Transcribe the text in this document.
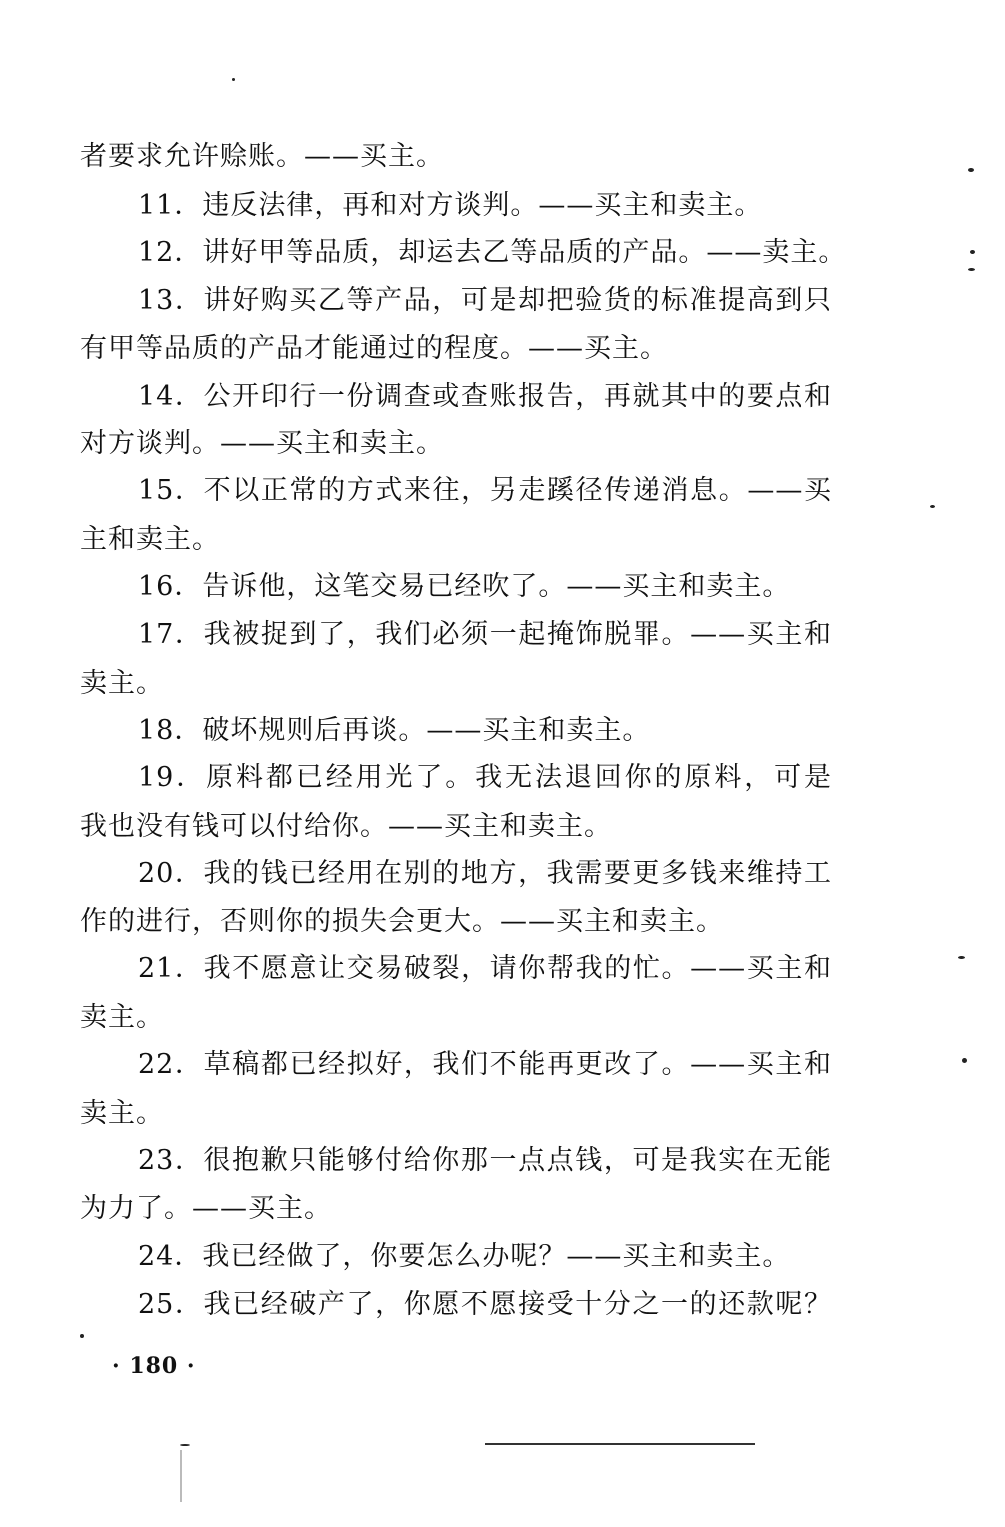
者要求允许赊账。——买主。
11．违反法律，再和对方谈判。——买主和卖主。
12．讲好甲等品质，却运去乙等品质的产品。——卖主。
13．讲好购买乙等产品，可是却把验货的标准提高到只
有甲等品质的产品才能通过的程度。——买主。
14．公开印行一份调查或查账报告，再就其中的要点和
对方谈判。——买主和卖主。
15．不以正常的方式来往，另走蹊径传递消息。——买
主和卖主。
16．告诉他，这笔交易已经吹了。——买主和卖主。
17．我被捉到了，我们必须一起掩饰脱罪。——买主和
卖主。
18．破坏规则后再谈。——买主和卖主。
19．原料都已经用光了。我无法退回你的原料，可是
我也没有钱可以付给你。——买主和卖主。
20．我的钱已经用在别的地方，我需要更多钱来维持工
作的进行，否则你的损失会更大。——买主和卖主。
21．我不愿意让交易破裂，请你帮我的忙。——买主和
卖主。
22．草稿都已经拟好，我们不能再更改了。——买主和
卖主。
23．很抱歉只能够付给你那一点点钱，可是我实在无能
为力了。——买主。
24．我已经做了，你要怎么办呢？——买主和卖主。
25．我已经破产了，你愿不愿接受十分之一的还款呢？
· 180 ·
